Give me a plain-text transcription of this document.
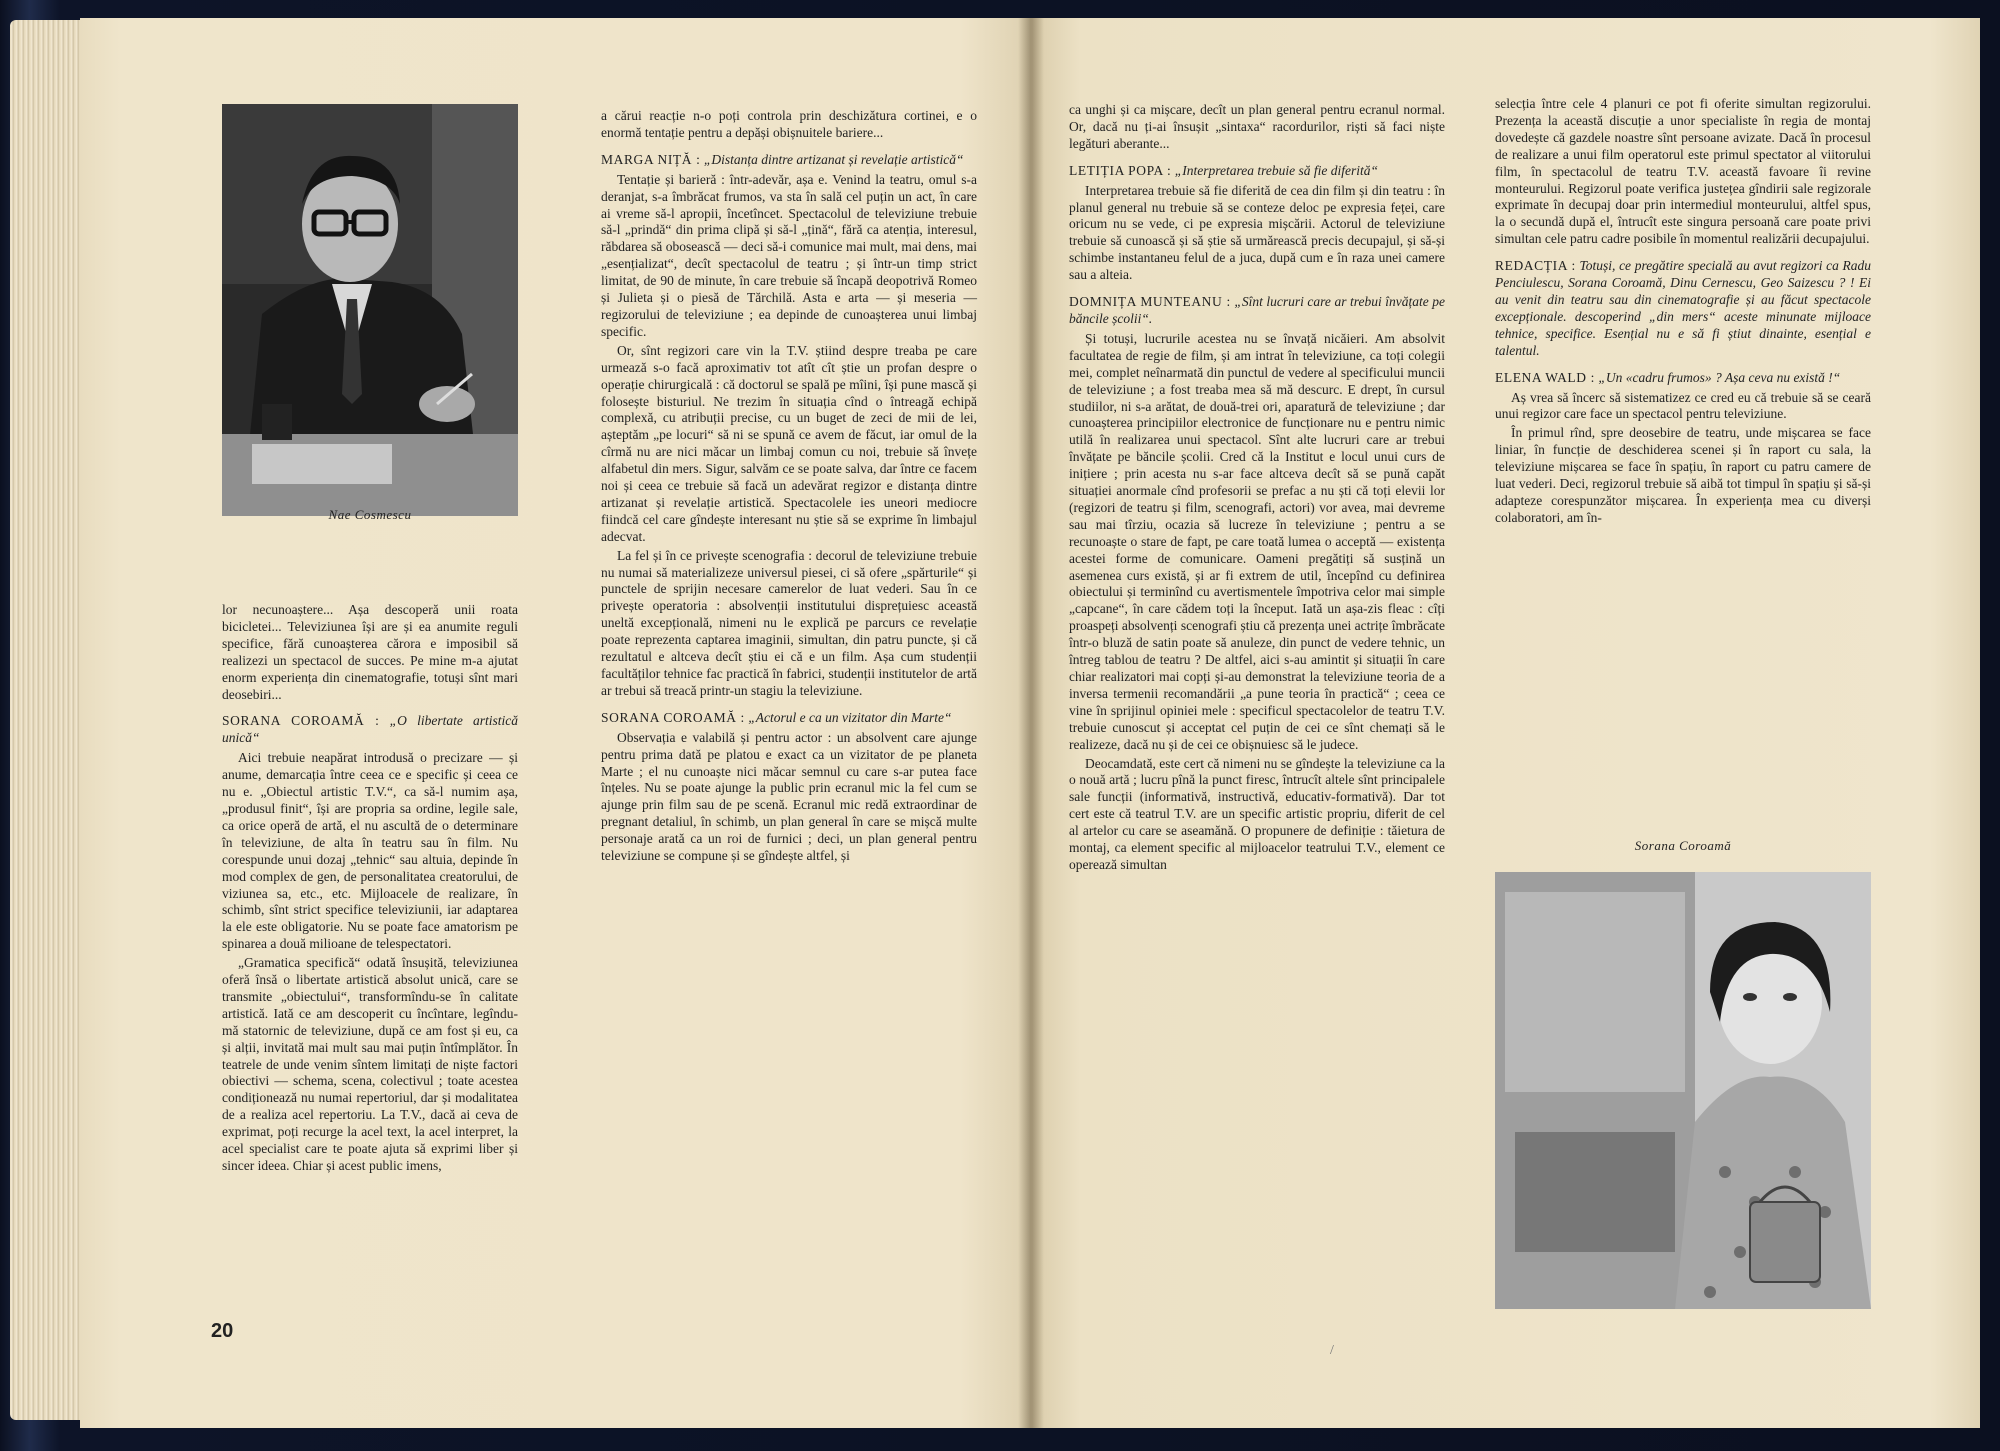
Nae Cosmescu

lor necunoaștere... Așa descoperă unii roata bicicletei... Televiziunea își are și ea anumite reguli specifice, fără cunoașterea cărora e imposibil să realizezi un spectacol de succes. Pe mine m-a ajutat enorm experiența din cinematografie, totuși sînt mari deosebiri...

SORANA COROAMĂ : „O libertate artistică unică“

Aici trebuie neapărat introdusă o precizare — și anume, demarcația între ceea ce e specific și ceea ce nu e. „Obiectul artistic T.V.“, ca să-l numim așa, „produsul finit“, își are propria sa ordine, legile sale, ca orice operă de artă, el nu ascultă de o determinare în televiziune, de alta în teatru sau în film. Nu corespunde unui dozaj „tehnic“ sau altuia, depinde în mod complex de gen, de personalitatea creatorului, de viziunea sa, etc., etc. Mijloacele de realizare, în schimb, sînt strict specifice televiziunii, iar adaptarea la ele este obligatorie. Nu se poate face amatorism pe spinarea a două milioane de telespectatori.

„Gramatica specifică“ odată însușită, televiziunea oferă însă o libertate artistică absolut unică, care se transmite „obiectului“, transformîndu-se în calitate artistică. Iată ce am descoperit cu încîntare, legîndu-mă statornic de televiziune, după ce am fost și eu, ca și alții, invitată mai mult sau mai puțin întîmplător. În teatrele de unde venim sîntem limitați de niște factori obiectivi — schema, scena, colectivul ; toate acestea condiționează nu numai repertoriul, dar și modalitatea de a realiza acel repertoriu. La T.V., dacă ai ceva de exprimat, poți recurge la acel text, la acel interpret, la acel specialist care te poate ajuta să exprimi liber și sincer ideea. Chiar și acest public imens,

a cărui reacție n-o poți controla prin deschizătura cortinei, e o enormă tentație pentru a depăși obișnuitele bariere...

MARGA NIȚĂ : „Distanța dintre artizanat și revelație artistică“

Tentație și barieră : într-adevăr, așa e. Venind la teatru, omul s-a deranjat, s-a îmbrăcat frumos, va sta în sală cel puțin un act, în care ai vreme să-l apropii, încetîncet. Spectacolul de televiziune trebuie să-l „prindă“ din prima clipă și să-l „țină“, fără ca atenția, interesul, răbdarea să obosească — deci să-i comunice mai mult, mai dens, mai „esențializat“, decît spectacolul de teatru ; și într-un timp strict limitat, de 90 de minute, în care trebuie să încapă deopotrivă Romeo și Julieta și o piesă de Tărchilă. Asta e arta — și meseria — regizorului de televiziune ; ea depinde de cunoașterea unui limbaj specific.

Or, sînt regizori care vin la T.V. știind despre treaba pe care urmează s-o facă aproximativ tot atît cît știe un profan despre o operație chirurgicală : că doctorul se spală pe mîini, își pune mască și folosește bisturiul. Ne trezim în situația cînd o întreagă echipă complexă, cu atribuții precise, cu un buget de zeci de mii de lei, așteptăm „pe locuri“ să ni se spună ce avem de făcut, iar omul de la cîrmă nu are nici măcar un limbaj comun cu noi, trebuie să învețe alfabetul din mers. Sigur, salvăm ce se poate salva, dar între ce facem noi și ceea ce trebuie să facă un adevărat regizor e distanța dintre artizanat și revelație artistică. Spectacolele ies uneori mediocre fiindcă cel care gîndește interesant nu știe să se exprime în limbajul adecvat.

La fel și în ce privește scenografia : decorul de televiziune trebuie nu numai să materializeze universul piesei, ci să ofere „spărturile“ și punctele de sprijin necesare camerelor de luat vederi. Sau în ce privește operatoria : absolvenții institutului disprețuiesc această uneltă excepțională, nimeni nu le explică pe parcurs ce revelație poate reprezenta captarea imaginii, simultan, din patru puncte, și că rezultatul e altceva decît știu ei că e un film. Așa cum studenții facultăților tehnice fac practică în fabrici, studenții institutelor de artă ar trebui să treacă printr-un stagiu la televiziune.

SORANA COROAMĂ : „Actorul e ca un vizitator din Marte“

Observația e valabilă și pentru actor : un absolvent care ajunge pentru prima dată pe platou e exact ca un vizitator de pe planeta Marte ; el nu cunoaște nici măcar semnul cu care s-ar putea face înțeles. Nu se poate ajunge la public prin ecranul mic la fel cum se ajunge prin film sau de pe scenă. Ecranul mic redă extraordinar de pregnant detaliul, în schimb, un plan general în care se mișcă multe personaje arată ca un roi de furnici ; deci, un plan general pentru televiziune se compune și se gîndește altfel, și

20

ca unghi și ca mișcare, decît un plan general pentru ecranul normal. Or, dacă nu ți-ai însușit „sintaxa“ racordurilor, riști să faci niște legături aberante...

LETIȚIA POPA : „Interpretarea trebuie să fie diferită“

Interpretarea trebuie să fie diferită de cea din film și din teatru : în planul general nu trebuie să se conteze deloc pe expresia feței, care oricum nu se vede, ci pe expresia mișcării. Actorul de televiziune trebuie să cunoască și să știe să urmărească precis decupajul, și să-și schimbe instantaneu felul de a juca, după cum e în raza unei camere sau a alteia.

DOMNIȚA MUNTEANU : „Sînt lucruri care ar trebui învățate pe băncile școlii“.

Și totuși, lucrurile acestea nu se învață nicăieri. Am absolvit facultatea de regie de film, și am intrat în televiziune, ca toți colegii mei, complet neînarmată din punctul de vedere al specificului muncii de televiziune ; a fost treaba mea să mă descurc. E drept, în cursul studiilor, ni s-a arătat, de două-trei ori, aparatură de televiziune ; dar cunoașterea principiilor electronice de funcționare nu e pentru nimic utilă în realizarea unui spectacol. Sînt alte lucruri care ar trebui învățate pe băncile școlii. Cred că la Institut e locul unui curs de inițiere ; prin acesta nu s-ar face altceva decît să se pună capăt situației anormale cînd profesorii se prefac a nu ști că toți elevii lor (regizori de teatru și film, scenografi, actori) vor avea, mai devreme sau mai tîrziu, ocazia să lucreze în televiziune ; pentru a se recunoaște o stare de fapt, pe care toată lumea o acceptă — existența acestei forme de comunicare. Oameni pregătiți să susțină un asemenea curs există, și ar fi extrem de util, începînd cu definirea obiectului și terminînd cu avertismentele împotriva celor mai simple „capcane“, în care cădem toți la început. Iată un așa-zis fleac : cîți proaspeți absolvenți scenografi știu că prezența unei actrițe îmbrăcate într-o bluză de satin poate să anuleze, din punct de vedere tehnic, un întreg tablou de teatru ? De altfel, aici s-au amintit și situații în care chiar realizatori mai copți și-au demonstrat la televiziune teoria de a inversa termenii recomandării „a pune teoria în practică“ ; ceea ce vine în sprijinul opiniei mele : specificul spectacolelor de teatru T.V. trebuie cunoscut și acceptat cel puțin de cei ce sînt chemați să le realizeze, dacă nu și de cei ce obișnuiesc să le judece.

Deocamdată, este cert că nimeni nu se gîndește la televiziune ca la o nouă artă ; lucru pînă la punct firesc, întrucît altele sînt principalele sale funcții (informativă, instructivă, educativ-formativă). Dar tot cert este că teatrul T.V. are un specific artistic propriu, diferit de cel al artelor cu care se aseamănă. O propunere de definiție : tăietura de montaj, ca element specific al mijloacelor teatrului T.V., element ce operează simultan

selecția între cele 4 planuri ce pot fi oferite simultan regizorului. Prezența la această discuție a unor specialiste în regia de montaj dovedește că gazdele noastre sînt persoane avizate. Dacă în procesul de realizare a unui film operatorul este primul spectator al viitorului film, în spectacolul de teatru T.V. această favoare îi revine monteurului. Regizorul poate verifica justețea gîndirii sale regizorale exprimate în decupaj doar prin intermediul monteurului, altfel spus, la o secundă după el, întrucît este singura persoană care poate privi simultan cele patru cadre posibile în momentul realizării decupajului.

REDACȚIA : Totuși, ce pregătire specială au avut regizori ca Radu Penciulescu, Sorana Coroamă, Dinu Cernescu, Geo Saizescu ? ! Ei au venit din teatru sau din cinematografie și au făcut spectacole excepționale. descoperind „din mers“ aceste minunate mijloace tehnice, specifice. Esențial nu e să fi știut dinainte, esențial e talentul.
ELENA WALD : „Un «cadru frumos» ? Așa ceva nu există !“

Aș vrea să încerc să sistematizez ce cred eu că trebuie să se ceară unui regizor care face un spectacol pentru televiziune.

În primul rînd, spre deosebire de teatru, unde mișcarea se face liniar, în funcție de deschiderea scenei și în raport cu sala, la televiziune mișcarea se face în spațiu, în raport cu patru camere de luat vederi. Deci, regizorul trebuie să aibă tot timpul în spațiu și să-și adapteze corespunzător mișcarea. În experiența mea cu diverși colaboratori, am în-

Sorana Coroamă
/
